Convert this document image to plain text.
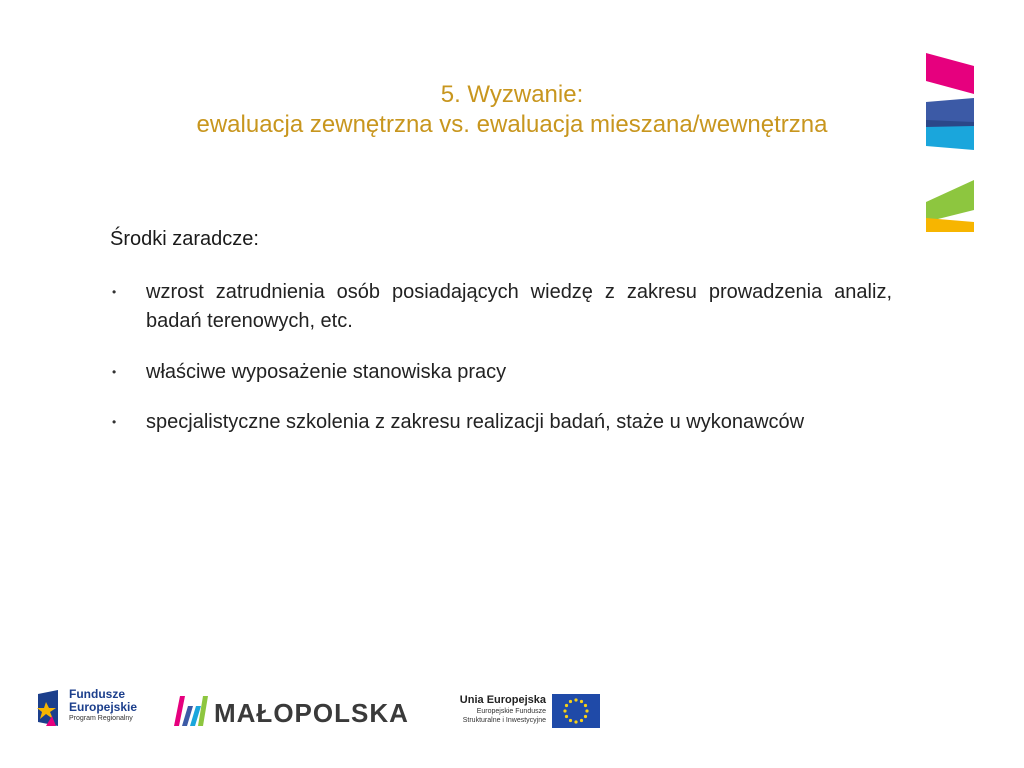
5. Wyzwanie:
ewaluacja zewnętrzna vs. ewaluacja mieszana/wewnętrzna
Środki zaradcze:
• wzrost zatrudnienia osób posiadających wiedzę z zakresu prowadzenia analiz, badań terenowych, etc.
• właściwe wyposażenie stanowiska pracy
• specjalistyczne szkolenia z zakresu realizacji badań, staże u wykonawców
Fundusze
Europejskie
Program Regionalny	MAŁOPOLSKA	Unia Europejska
Europejskie Fundusze
Strukturalne i Inwestycyjne
